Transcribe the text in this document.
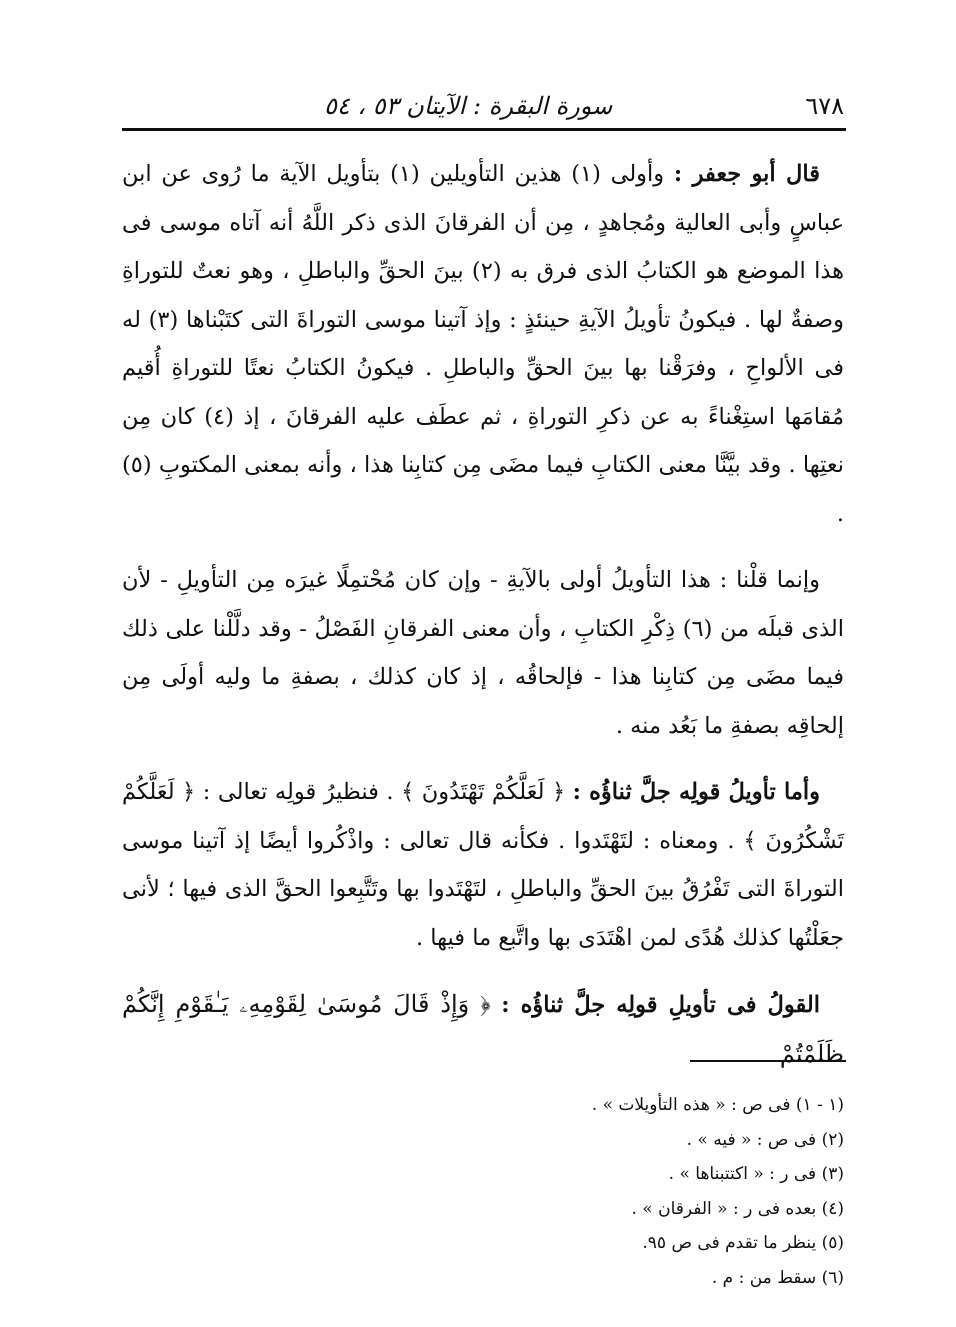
٦٧٨
سورة البقرة : الآيتان ٥٣ ، ٥٤

قال أبو جعفر : وأولى (١) هذين التأويلين (١) بتأويل الآية ما رُوى عن ابن عباسٍ وأبى العالية ومُجاهدٍ ، مِن أن الفرقانَ الذى ذكر اللَّهُ أنه آتاه موسى فى هذا الموضع هو الكتابُ الذى فرق به (٢) بينَ الحقِّ والباطلِ ، وهو نعتٌ للتوراةِ وصفةٌ لها . فيكونُ تأويلُ الآيةِ حينئذٍ : وإذ آتينا موسى التوراةَ التى كتَبْناها (٣) له فى الألواحِ ، وفرَقْنا بها بينَ الحقِّ والباطلِ . فيكونُ الكتابُ نعتًا للتوراةِ أُقيم مُقامَها استِغْناءً به عن ذكرِ التوراةِ ، ثم عطَف عليه الفرقانَ ، إذ (٤) كان مِن نعتِها . وقد بيَّنَّا معنى الكتابِ فيما مضَى مِن كتابِنا هذا ، وأنه بمعنى المكتوبِ (٥) .

وإنما قلْنا : هذا التأويلُ أولى بالآيةِ - وإن كان مُحْتمِلًا غيرَه مِن التأويلِ - لأن الذى قبلَه من (٦) ذِكْرِ الكتابِ ، وأن معنى الفرقانِ الفَصْلُ - وقد دلَّلْنا على ذلك فيما مضَى مِن كتابِنا هذا - فإلحاقُه ، إذ كان كذلك ، بصفةِ ما وليه أولَى مِن إلحاقِه بصفةِ ما بَعُد منه .

وأما تأويلُ قولِه جلَّ ثناؤُه : ﴿ لَعَلَّكُمْ تَهْتَدُونَ ﴾ . فنظيرُ قولِه تعالى : ﴿ لَعَلَّكُمْ تَشْكُرُونَ ﴾ . ومعناه : لتَهْتَدوا . فكأنه قال تعالى : واذْكُروا أيضًا إذ آتينا موسى التوراةَ التى تَفْرُقُ بينَ الحقِّ والباطلِ ، لتَهْتَدوا بها وتَتَّبِعوا الحقَّ الذى فيها ؛ لأنى جعَلْتُها كذلك هُدًى لمن اهْتَدَى بها واتَّبع ما فيها .

القولُ فى تأويلِ قولِه جلَّ ثناؤُه : ﴿ وَإِذْ قَالَ مُوسَىٰ لِقَوْمِهِۦ يَـٰقَوْمِ إِنَّكُمْ ظَلَمْتُمْ

(١ - ١) فى ص : « هذه التأويلات » .

(٢) فى ص : « فيه » .

(٣) فى ر : « اكتتبناها » .

(٤) بعده فى ر : « الفرقان » .

(٥) ينظر ما تقدم فى ص ٩٥.

(٦) سقط من : م .
